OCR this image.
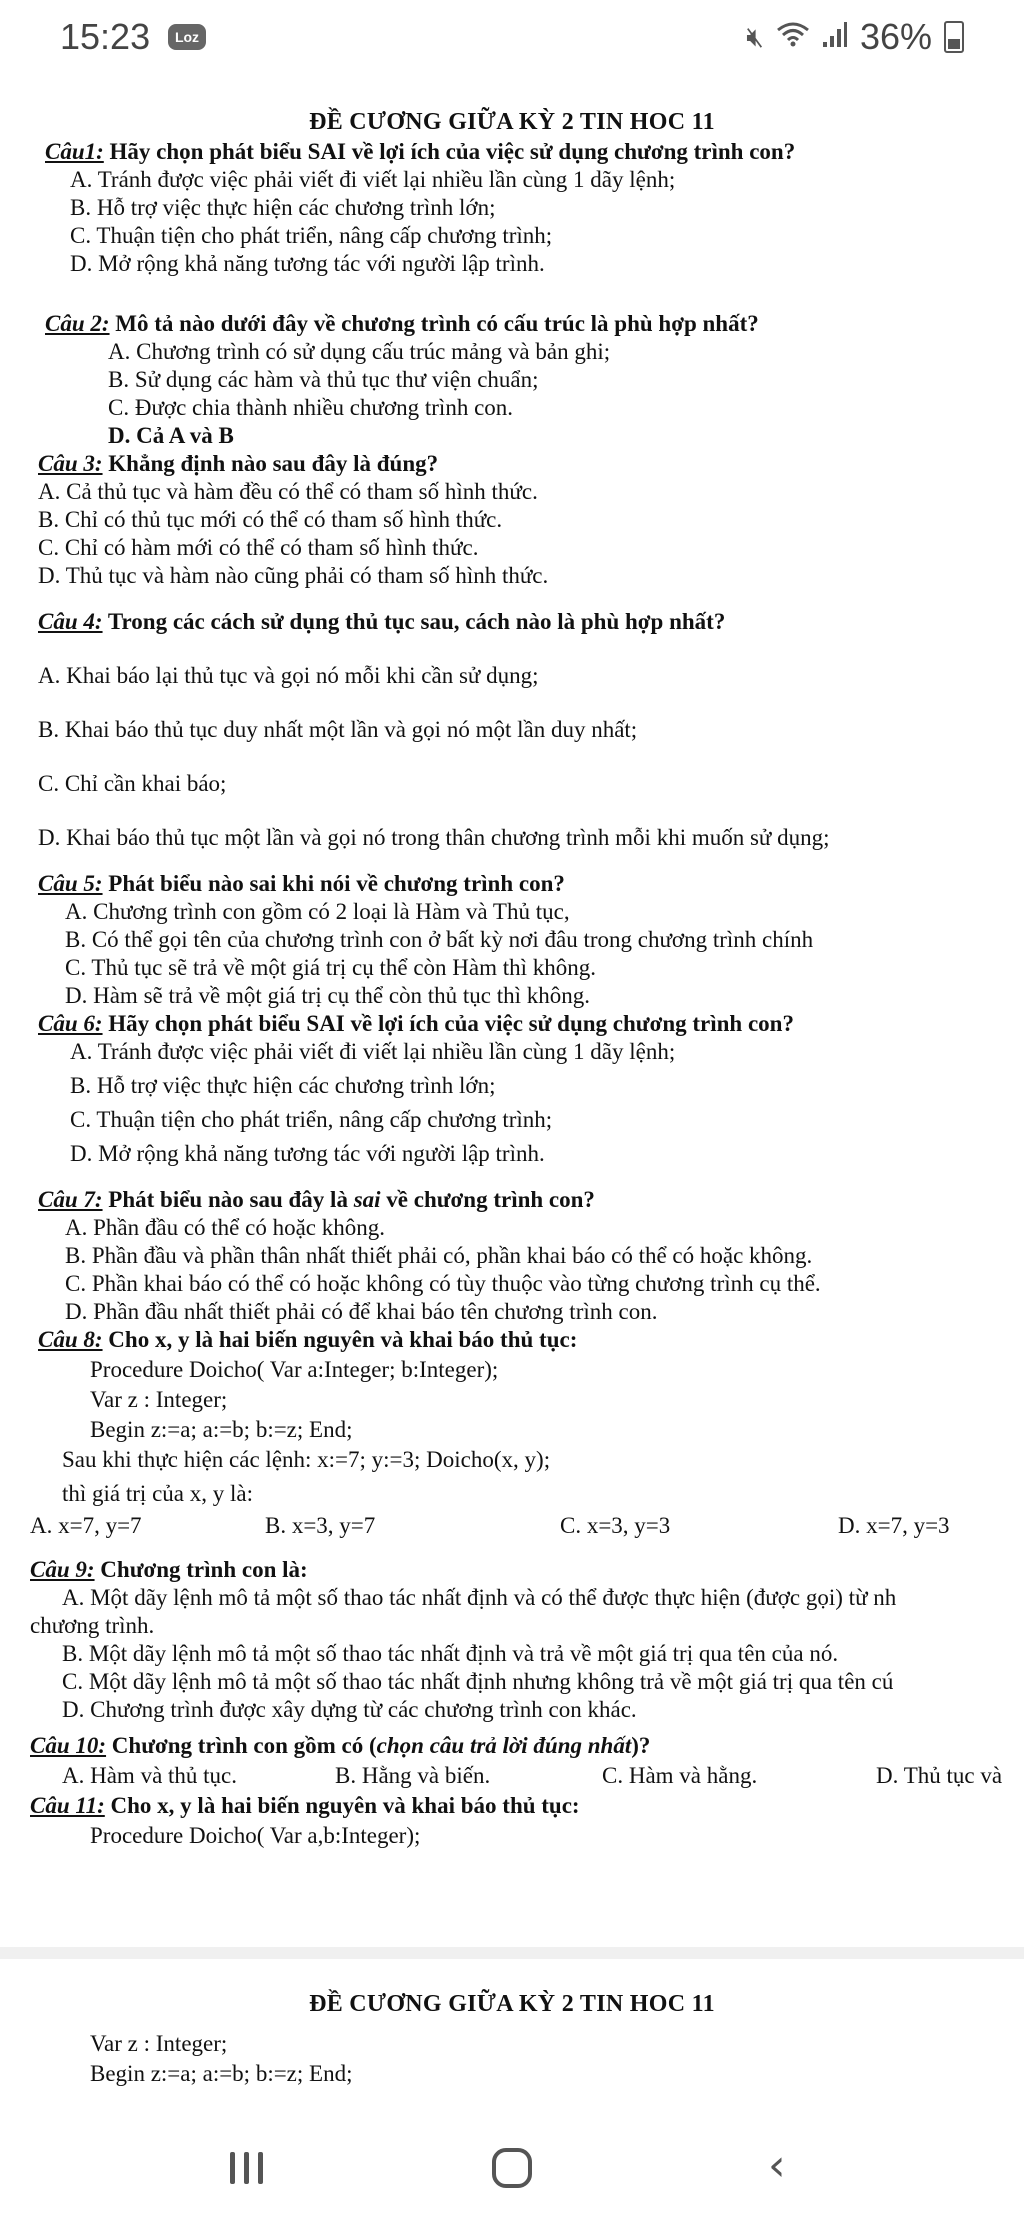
15:23	Loz	🔇︎	36%
ĐỀ CƯƠNG GIỮA KỲ 2 TIN HOC 11
Câu1: Hãy chọn phát biểu SAI về lợi ích của việc sử dụng chương trình con?
A. Tránh được việc phải viết đi viết lại nhiều lần cùng 1 dãy lệnh;
B. Hỗ trợ việc thực hiện các chương trình lớn;
C. Thuận tiện cho phát triển, nâng cấp chương trình;
D. Mở rộng khả năng tương tác với người lập trình.
Câu 2: Mô tả nào dưới đây về chương trình có cấu trúc là phù hợp nhất?
A. Chương trình có sử dụng cấu trúc mảng và bản ghi;
B. Sử dụng các hàm và thủ tục thư viện chuẩn;
C. Được chia thành nhiều chương trình con.
D. Cả A và B
Câu 3: Khẳng định nào sau đây là đúng?
A. Cả thủ tục và hàm đều có thể có tham số hình thức.
B. Chỉ có thủ tục mới có thể có tham số hình thức.
C. Chỉ có hàm mới có thể có tham số hình thức.
D. Thủ tục và hàm nào cũng phải có tham số hình thức.
Câu 4: Trong các cách sử dụng thủ tục sau, cách nào là phù hợp nhất?
A. Khai báo lại thủ tục và gọi nó mỗi khi cần sử dụng;
B. Khai báo thủ tục duy nhất một lần và gọi nó một lần duy nhất;
C. Chỉ cần khai báo;
D. Khai báo thủ tục một lần và gọi nó trong thân chương trình mỗi khi muốn sử dụng;
Câu 5: Phát biểu nào sai khi nói về chương trình con?
A. Chương trình con gồm có 2 loại là Hàm và Thủ tục,
B. Có thể gọi tên của chương trình con ở bất kỳ nơi đâu trong chương trình chính
C. Thủ tục sẽ trả về một giá trị cụ thể còn Hàm thì không.
D. Hàm sẽ trả về một giá trị cụ thể còn thủ tục thì không.
Câu 6: Hãy chọn phát biểu SAI về lợi ích của việc sử dụng chương trình con?
A. Tránh được việc phải viết đi viết lại nhiều lần cùng 1 dãy lệnh;
B. Hỗ trợ việc thực hiện các chương trình lớn;
C. Thuận tiện cho phát triển, nâng cấp chương trình;
D. Mở rộng khả năng tương tác với người lập trình.
Câu 7: Phát biểu nào sau đây là sai về chương trình con?
A. Phần đầu có thể có hoặc không.
B. Phần đầu và phần thân nhất thiết phải có, phần khai báo có thể có hoặc không.
C. Phần khai báo có thể có hoặc không có tùy thuộc vào từng chương trình cụ thể.
D. Phần đầu nhất thiết phải có để khai báo tên chương trình con.
Câu 8: Cho x, y là hai biến nguyên và khai báo thủ tục:
Procedure Doicho( Var a:Integer; b:Integer);
Var z : Integer;
Begin z:=a; a:=b; b:=z; End;
Sau khi thực hiện các lệnh: x:=7; y:=3; Doicho(x, y);
thì giá trị của x, y là:
A. x=7, y=7	B. x=3, y=7	C. x=3, y=3	D. x=7, y=3
Câu 9: Chương trình con là:
A. Một dãy lệnh mô tả một số thao tác nhất định và có thể được thực hiện (được gọi) từ nh
chương trình.
B. Một dãy lệnh mô tả một số thao tác nhất định và trả về một giá trị qua tên của nó.
C. Một dãy lệnh mô tả một số thao tác nhất định nhưng không trả về một giá trị qua tên cú
D. Chương trình được xây dựng từ các chương trình con khác.
Câu 10: Chương trình con gồm có (chọn câu trả lời đúng nhất)?
A. Hàm và thủ tục.	B. Hằng và biến.	C. Hàm và hằng.	D. Thủ tục và
Câu 11: Cho x, y là hai biến nguyên và khai báo thủ tục:
Procedure Doicho( Var a,b:Integer);
ĐỀ CƯƠNG GIỮA KỲ 2 TIN HOC 11
Var z : Integer;
Begin z:=a; a:=b; b:=z; End;
‹
